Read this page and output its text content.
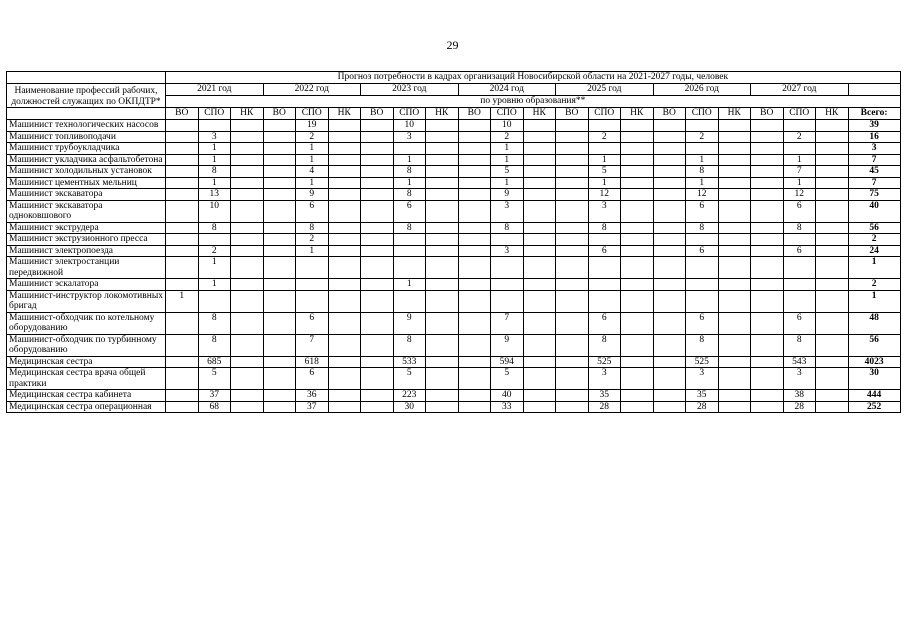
29
	Прогноз потребности в кадрах организаций Новосибирской области на 2021-2027 годы, человек																					
Наименование профессий рабочих, должностей служащих по ОКПДТР*	2021 год			2022 год			2023 год			2024 год			2025 год			2026 год			2027 год			
	по уровню образования**																					
	ВО	СПО	НК	ВО	СПО	НК	ВО	СПО	НК	ВО	СПО	НК	ВО	СПО	НК	ВО	СПО	НК	ВО	СПО	НК	Всего:
Машинист технологических насосов					19			10			10											39
Машинист топливоподачи		3			2			3			2			2			2			2		16
Машинист трубоукладчика		1			1						1											3
Машинист укладчика асфальтобетона		1			1			1			1			1			1			1		7
Машинист холодильных установок		8			4			8			5			5			8			7		45
Машинист цементных мельниц		1			1			1			1			1			1			1		7
Машинист экскаватора		13			9			8			9			12			12			12		75
Машинист экскаватора одноковшового		10			6			6			3			3			6			6		40
Машинист экструдера		8			8			8			8			8			8			8		56
Машинист экструзионного пресса					2																	2
Машинист электропоезда		2			1						3			6			6			6		24
Машинист электростанции передвижной		1																				1
Машинист эскалатора		1						1														2
Машинист-инструктор локомотивных бригад	1																					1
Машинист-обходчик по котельному оборудованию		8			6			9			7			6			6			6		48
Машинист-обходчик по турбинному оборудованию		8			7			8			9			8			8			8		56
Медицинская сестра		685			618			533			594			525			525			543		4023
Медицинская сестра врача общей практики		5			6			5			5			3			3			3		30
Медицинская сестра кабинета		37			36			223			40			35			35			38		444
Медицинская сестра операционная		68			37			30			33			28			28			28		252
